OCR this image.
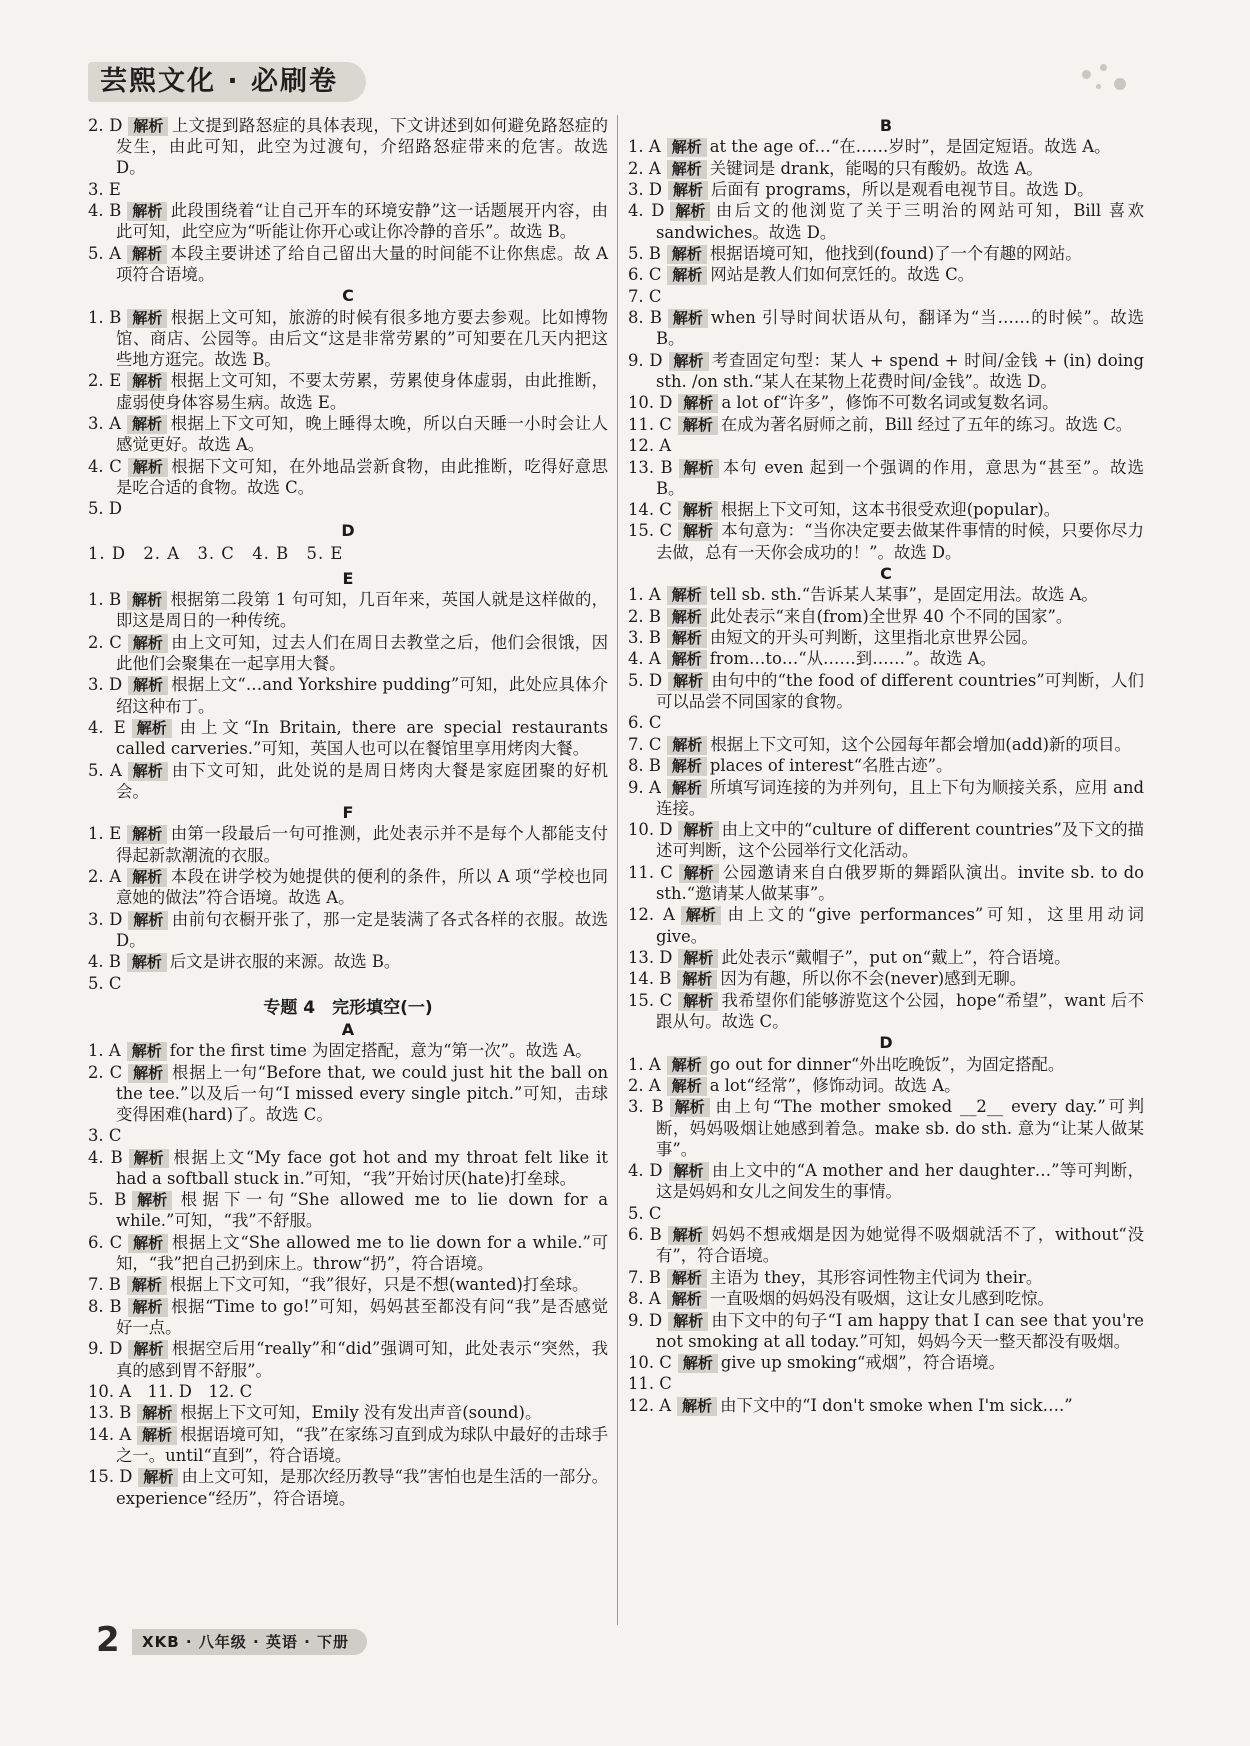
芸熙文化 · 必刷卷
2. D 解析 上文提到路怒症的具体表现，下文讲述到如何避免路怒症的发生，由此可知，此空为过渡句，介绍路怒症带来的危害。故选 D。
3. E
4. B 解析 此段围绕着“让自己开车的环境安静”这一话题展开内容，由此可知，此空应为“听能让你开心或让你冷静的音乐”。故选 B。
5. A 解析 本段主要讲述了给自己留出大量的时间能不让你焦虑。故 A 项符合语境。
C
1. B 解析 根据上文可知，旅游的时候有很多地方要去参观。比如博物馆、商店、公园等。由后文“这是非常劳累的”可知要在几天内把这些地方逛完。故选 B。
2. E 解析 根据上文可知，不要太劳累，劳累使身体虚弱，由此推断，虚弱使身体容易生病。故选 E。
3. A 解析 根据上下文可知，晚上睡得太晚，所以白天睡一小时会让人感觉更好。故选 A。
4. C 解析 根据下文可知，在外地品尝新食物，由此推断，吃得好意思是吃合适的食物。故选 C。
5. D
D
1. D　2. A　3. C　4. B　5. E
E
1. B 解析 根据第二段第 1 句可知，几百年来，英国人就是这样做的，即这是周日的一种传统。
2. C 解析 由上文可知，过去人们在周日去教堂之后，他们会很饿，因此他们会聚集在一起享用大餐。
3. D 解析 根据上文“…and Yorkshire pudding”可知，此处应具体介绍这种布丁。
4. E 解析 由上文“In Britain, there are special restaurants called carveries.”可知，英国人也可以在餐馆里享用烤肉大餐。
5. A 解析 由下文可知，此处说的是周日烤肉大餐是家庭团聚的好机会。
F
1. E 解析 由第一段最后一句可推测，此处表示并不是每个人都能支付得起新款潮流的衣服。
2. A 解析 本段在讲学校为她提供的便利的条件，所以 A 项“学校也同意她的做法”符合语境。故选 A。
3. D 解析 由前句衣橱开张了，那一定是装满了各式各样的衣服。故选 D。
4. B 解析 后文是讲衣服的来源。故选 B。
5. C
专题 4　完形填空(一)
A
1. A 解析 for the first time 为固定搭配，意为“第一次”。故选 A。
2. C 解析 根据上一句“Before that, we could just hit the ball on the tee.”以及后一句“I missed every single pitch.”可知，击球变得困难(hard)了。故选 C。
3. C
4. B 解析 根据上文“My face got hot and my throat felt like it had a softball stuck in.”可知，“我”开始讨厌(hate)打垒球。
5. B 解析 根据下一句“She allowed me to lie down for a while.”可知，“我”不舒服。
6. C 解析 根据上文“She allowed me to lie down for a while.”可知，“我”把自己扔到床上。throw“扔”，符合语境。
7. B 解析 根据上下文可知，“我”很好，只是不想(wanted)打垒球。
8. B 解析 根据“Time to go!”可知，妈妈甚至都没有问“我”是否感觉好一点。
9. D 解析 根据空后用“really”和“did”强调可知，此处表示“突然，我真的感到胃不舒服”。
10. A　11. D　12. C
13. B 解析 根据上下文可知，Emily 没有发出声音(sound)。
14. A 解析 根据语境可知，“我”在家练习直到成为球队中最好的击球手之一。until“直到”，符合语境。
15. D 解析 由上文可知，是那次经历教导“我”害怕也是生活的一部分。experience“经历”，符合语境。
B
1. A 解析 at the age of…“在……岁时”，是固定短语。故选 A。
2. A 解析 关键词是 drank，能喝的只有酸奶。故选 A。
3. D 解析 后面有 programs，所以是观看电视节目。故选 D。
4. D 解析 由后文的他浏览了关于三明治的网站可知，Bill 喜欢 sandwiches。故选 D。
5. B 解析 根据语境可知，他找到(found)了一个有趣的网站。
6. C 解析 网站是教人们如何烹饪的。故选 C。
7. C
8. B 解析 when 引导时间状语从句，翻译为“当……的时候”。故选 B。
9. D 解析 考查固定句型：某人 + spend + 时间/金钱 + (in) doing sth. /on sth.“某人在某物上花费时间/金钱”。故选 D。
10. D 解析 a lot of“许多”，修饰不可数名词或复数名词。
11. C 解析 在成为著名厨师之前，Bill 经过了五年的练习。故选 C。
12. A
13. B 解析 本句 even 起到一个强调的作用，意思为“甚至”。故选 B。
14. C 解析 根据上下文可知，这本书很受欢迎(popular)。
15. C 解析 本句意为：“当你决定要去做某件事情的时候，只要你尽力去做，总有一天你会成功的！”。故选 D。
C
1. A 解析 tell sb. sth.“告诉某人某事”，是固定用法。故选 A。
2. B 解析 此处表示“来自(from)全世界 40 个不同的国家”。
3. B 解析 由短文的开头可判断，这里指北京世界公园。
4. A 解析 from…to…“从……到……”。故选 A。
5. D 解析 由句中的“the food of different countries”可判断，人们可以品尝不同国家的食物。
6. C
7. C 解析 根据上下文可知，这个公园每年都会增加(add)新的项目。
8. B 解析 places of interest“名胜古迹”。
9. A 解析 所填写词连接的为并列句，且上下句为顺接关系，应用 and 连接。
10. D 解析 由上文中的“culture of different countries”及下文的描述可判断，这个公园举行文化活动。
11. C 解析 公园邀请来自白俄罗斯的舞蹈队演出。invite sb. to do sth.“邀请某人做某事”。
12. A 解析 由上文的“give performances”可知，这里用动词 give。
13. D 解析 此处表示“戴帽子”，put on“戴上”，符合语境。
14. B 解析 因为有趣，所以你不会(never)感到无聊。
15. C 解析 我希望你们能够游览这个公园，hope“希望”，want 后不跟从句。故选 C。
D
1. A 解析 go out for dinner“外出吃晚饭”，为固定搭配。
2. A 解析 a lot“经常”，修饰动词。故选 A。
3. B 解析 由上句“The mother smoked __2__ every day.”可判断，妈妈吸烟让她感到着急。make sb. do sth. 意为“让某人做某事”。
4. D 解析 由上文中的“A mother and her daughter…”等可判断，这是妈妈和女儿之间发生的事情。
5. C
6. B 解析 妈妈不想戒烟是因为她觉得不吸烟就活不了，without“没有”，符合语境。
7. B 解析 主语为 they，其形容词性物主代词为 their。
8. A 解析 一直吸烟的妈妈没有吸烟，这让女儿感到吃惊。
9. D 解析 由下文中的句子“I am happy that I can see that you're not smoking at all today.”可知，妈妈今天一整天都没有吸烟。
10. C 解析 give up smoking“戒烟”，符合语境。
11. C
12. A 解析 由下文中的“I don't smoke when I'm sick….”
2	XKB · 八年级 · 英语 · 下册
